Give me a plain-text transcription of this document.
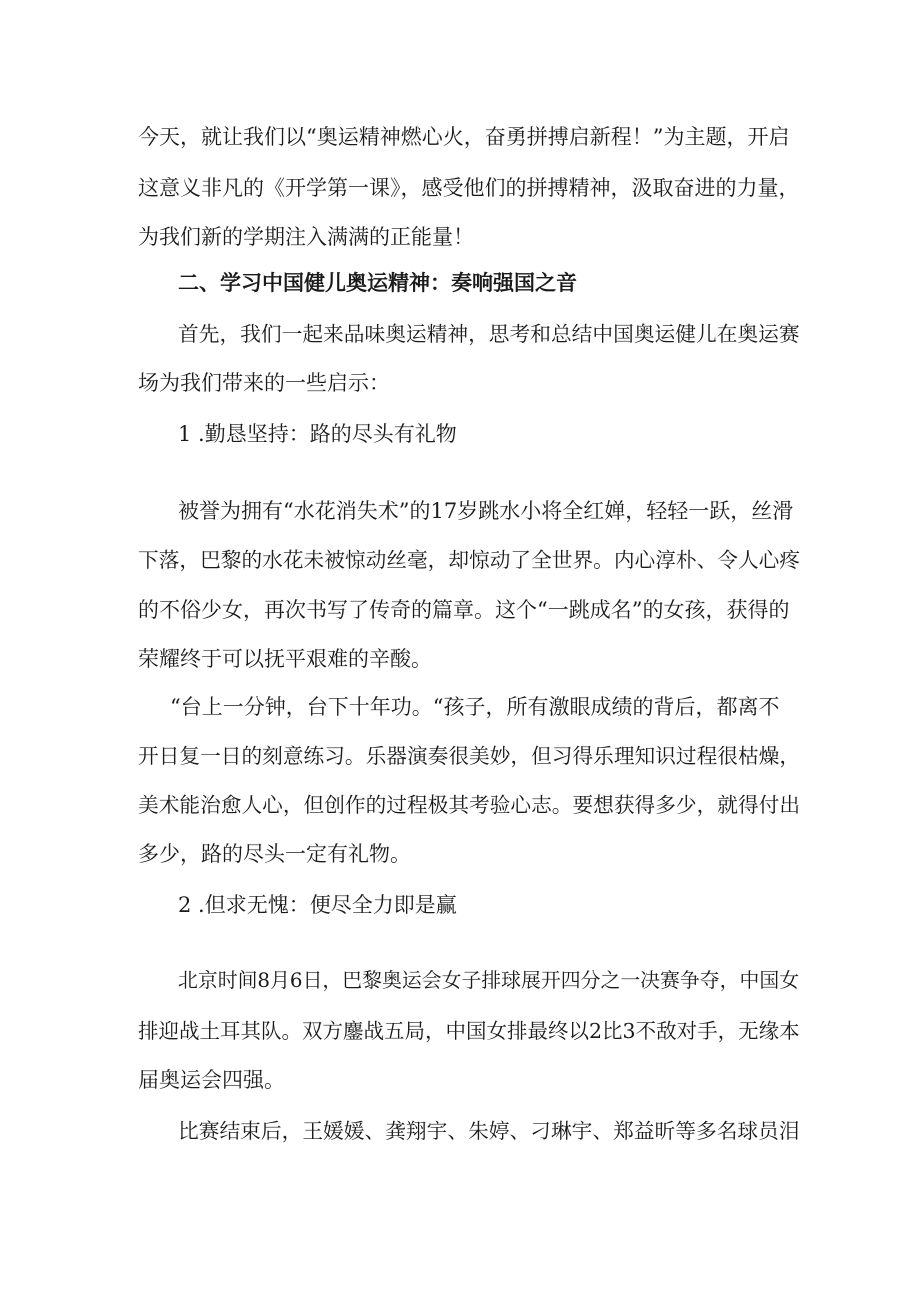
今天，就让我们以“奥运精神燃心火，奋勇拼搏启新程！”为主题，开启
这意义非凡的《开学第一课》，感受他们的拼搏精神，汲取奋进的力量，
为我们新的学期注入满满的正能量！
二、学习中国健儿奥运精神：奏响强国之音
首先，我们一起来品味奥运精神，思考和总结中国奥运健儿在奥运赛
场为我们带来的一些启示：
1 .勤恳坚持：路的尽头有礼物
被誉为拥有“水花消失术”的17岁跳水小将全红婵，轻轻一跃，丝滑
下落，巴黎的水花未被惊动丝毫，却惊动了全世界。内心淳朴、令人心疼
的不俗少女，再次书写了传奇的篇章。这个“一跳成名”的女孩，获得的
荣耀终于可以抚平艰难的辛酸。
“台上一分钟，台下十年功。“孩子，所有激眼成绩的背后，都离不
开日复一日的刻意练习。乐器演奏很美妙，但习得乐理知识过程很枯燥，
美术能治愈人心，但创作的过程极其考验心志。要想获得多少，就得付出
多少，路的尽头一定有礼物。
2 .但求无愧：便尽全力即是赢
北京时间8月6日，巴黎奥运会女子排球展开四分之一决赛争夺，中国女
排迎战土耳其队。双方鏖战五局，中国女排最终以2比3不敌对手，无缘本
届奥运会四强。
比赛结束后，王媛媛、龚翔宇、朱婷、刁琳宇、郑益昕等多名球员泪
